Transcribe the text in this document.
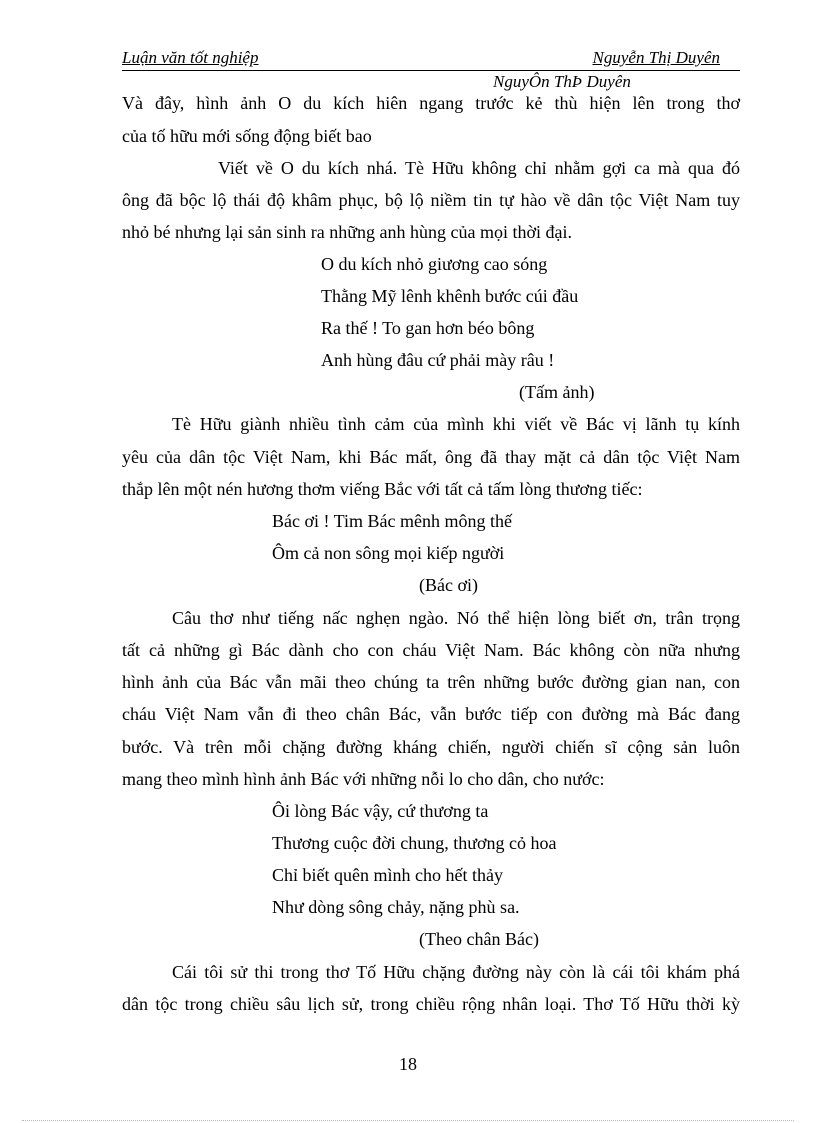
Luận văn tốt nghiệp	Nguyễn Thị Duyên
NguyÔn ThÞ Duyên
Và đây, hình ảnh O du kích hiên ngang trước kẻ thù hiện lên trong thơ
của tố hữu mới sống động biết bao
Viết về O du kích nhá. Tè Hữu không chỉ nhằm gợi ca mà qua đó
ông đã bộc lộ thái độ khâm phục, bộ lộ niềm tin tự hào về dân tộc Việt Nam tuy
nhỏ bé nhưng lại sản sinh ra những anh hùng của mọi thời đại.
O du kích nhỏ giương cao sóng
Thằng Mỹ lênh khênh bước cúi đầu
Ra thế ! To gan hơn béo bông
Anh hùng đâu cứ phải mày râu !
(Tấm ảnh)
Tè Hữu giành nhiều tình cảm của mình khi viết về Bác vị lãnh tụ kính
yêu của dân tộc Việt Nam, khi Bác mất, ông đã thay mặt cả dân tộc Việt Nam
thắp lên một nén hương thơm viếng Bắc với tất cả tấm lòng thương tiếc:
Bác ơi ! Tim Bác mênh mông thế
Ôm cả non sông mọi kiếp người
(Bác ơi)
Câu thơ như tiếng nấc nghẹn ngào. Nó thể hiện lòng biết ơn, trân trọng
tất cả những gì Bác dành cho con cháu Việt Nam. Bác không còn nữa nhưng
hình ảnh của Bác vẫn mãi theo chúng ta trên những bước đường gian nan, con
cháu Việt Nam vẫn đi theo chân Bác, vẫn bước tiếp con đường mà Bác đang
bước. Và trên mỗi chặng đường kháng chiến, người chiến sĩ cộng sản luôn
mang theo mình hình ảnh Bác với những nỗi lo cho dân, cho nước:
Ôi lòng Bác vậy, cứ thương ta
Thương cuộc đời chung, thương cỏ hoa
Chỉ biết quên mình cho hết thảy
Như dòng sông chảy, nặng phù sa.
(Theo chân Bác)
Cái tôi sử thi trong thơ Tố Hữu chặng đường này còn là cái tôi khám phá
dân tộc trong chiều sâu lịch sử, trong chiều rộng nhân loại. Thơ Tố Hữu thời kỳ
18
